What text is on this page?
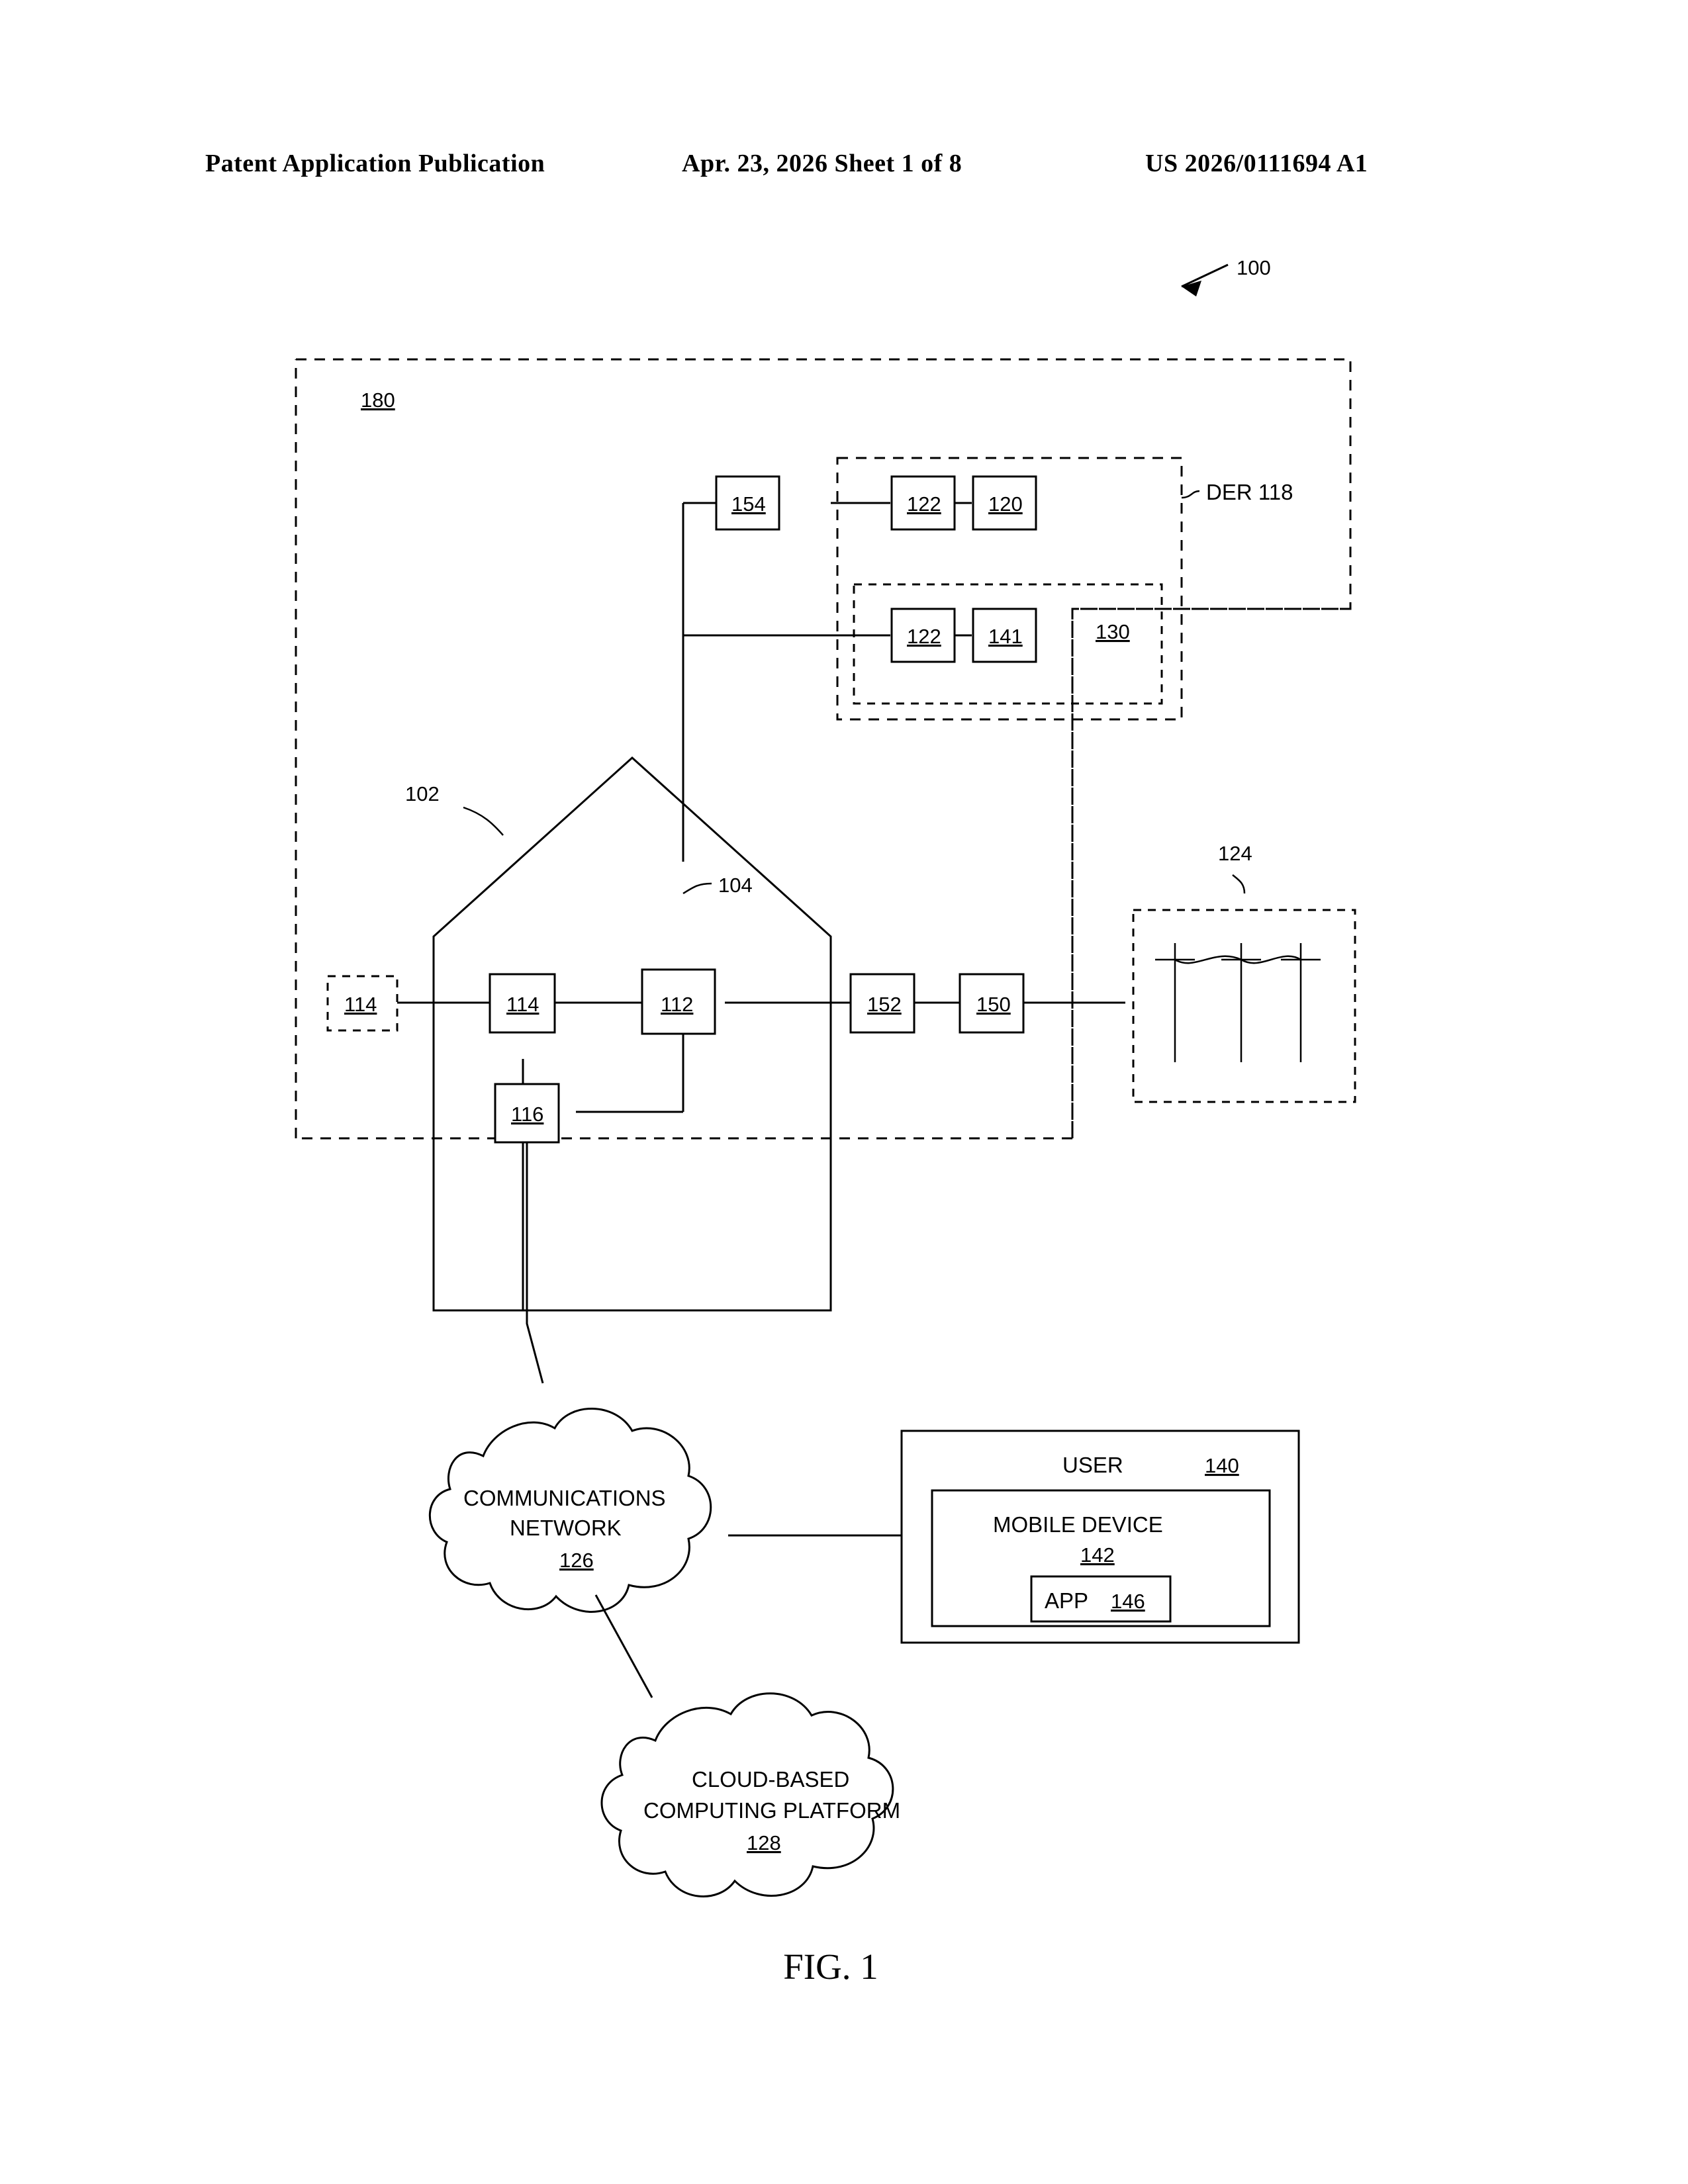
Patent Application Publication	Apr. 23, 2026 Sheet 1 of 8	US 2026/0111694 A1
100
180
DER 118
130
154	122 120
122 141
102
104
114	114	112	152	150
116
124
COMMUNICATIONS
NETWORK
126
CLOUD-BASED
COMPUTING PLATFORM
128
USER	140
MOBILE DEVICE
142
APP 146
FIG. 1
